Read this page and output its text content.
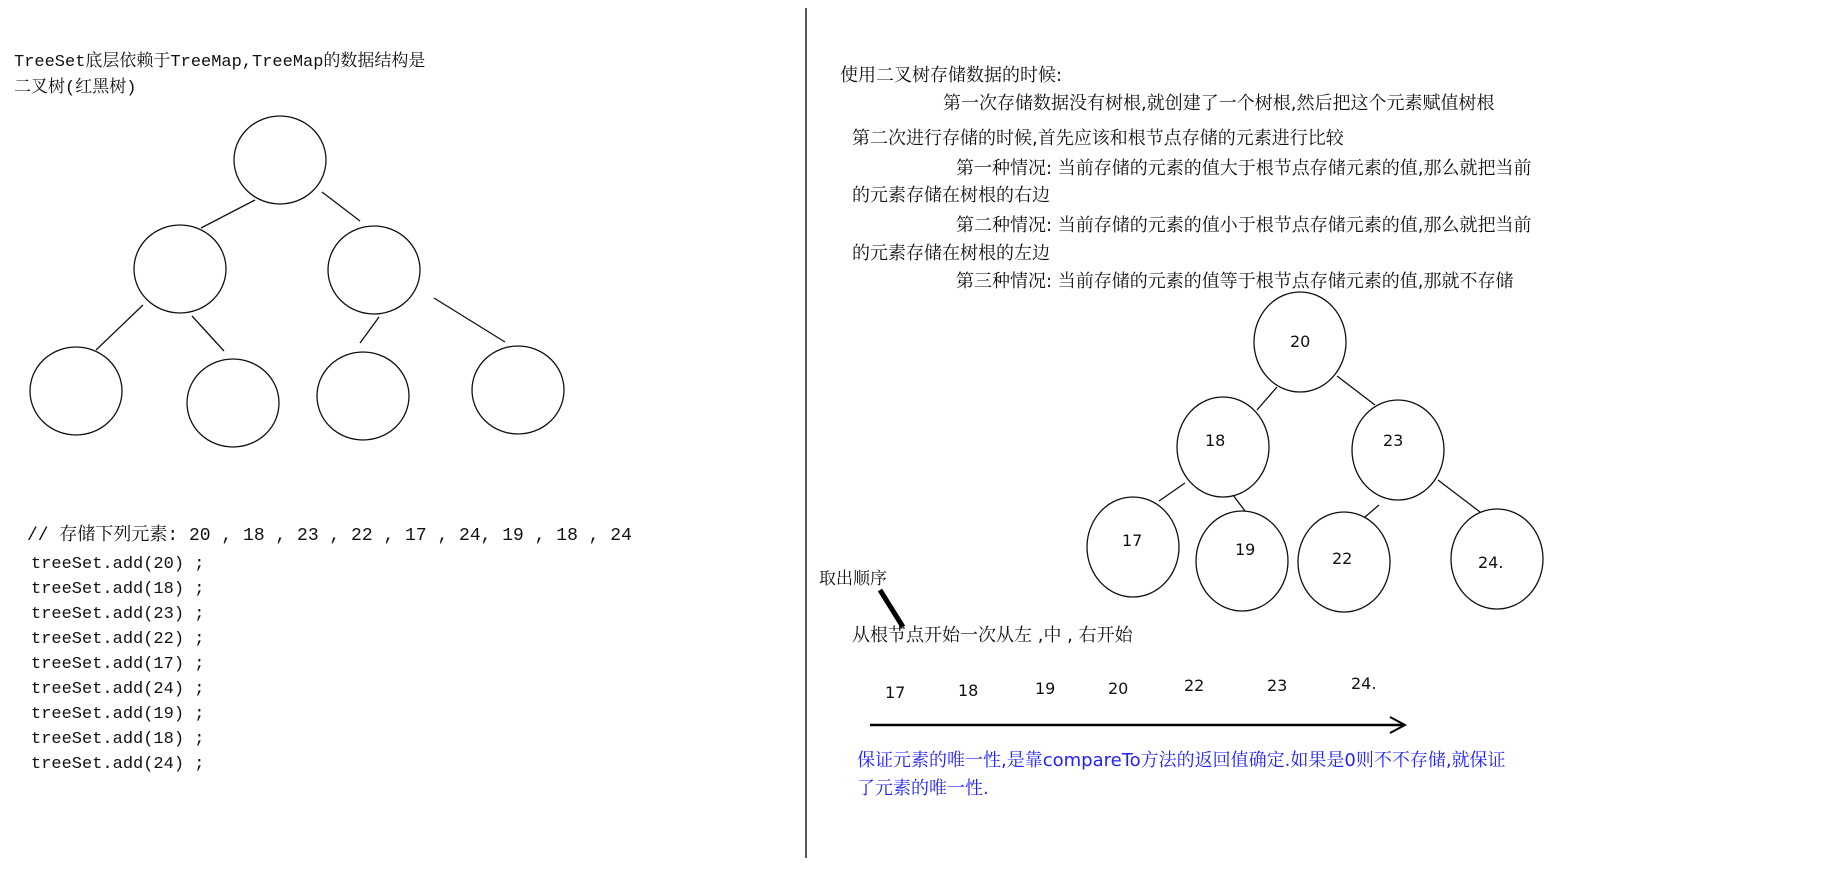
TreeSet底层依赖于TreeMap,TreeMap的数据结构是
二叉树(红黑树)
// 存储下列元素: 20 , 18 , 23 , 22 , 17 , 24, 19 , 18 , 24
treeSet.add(20) ;
treeSet.add(18) ;
treeSet.add(23) ;
treeSet.add(22) ;
treeSet.add(17) ;
treeSet.add(24) ;
treeSet.add(19) ;
treeSet.add(18) ;
treeSet.add(24) ;
使用二叉树存储数据的时候:
第一次存储数据没有树根,就创建了一个树根,然后把这个元素赋值树根
第二次进行存储的时候,首先应该和根节点存储的元素进行比较
第一种情况: 当前存储的元素的值大于根节点存储元素的值,那么就把当前
的元素存储在树根的右边
第二种情况: 当前存储的元素的值小于根节点存储元素的值,那么就把当前
的元素存储在树根的左边
第三种情况: 当前存储的元素的值等于根节点存储元素的值,那就不存储
20
18	23
17	19	22	24.
取出顺序
从根节点开始一次从左 ,中 , 右开始
17	18	19	20	22	23	24.
保证元素的唯一性,是靠compareTo方法的返回值确定.如果是0则不不存储,就保证
了元素的唯一性.
